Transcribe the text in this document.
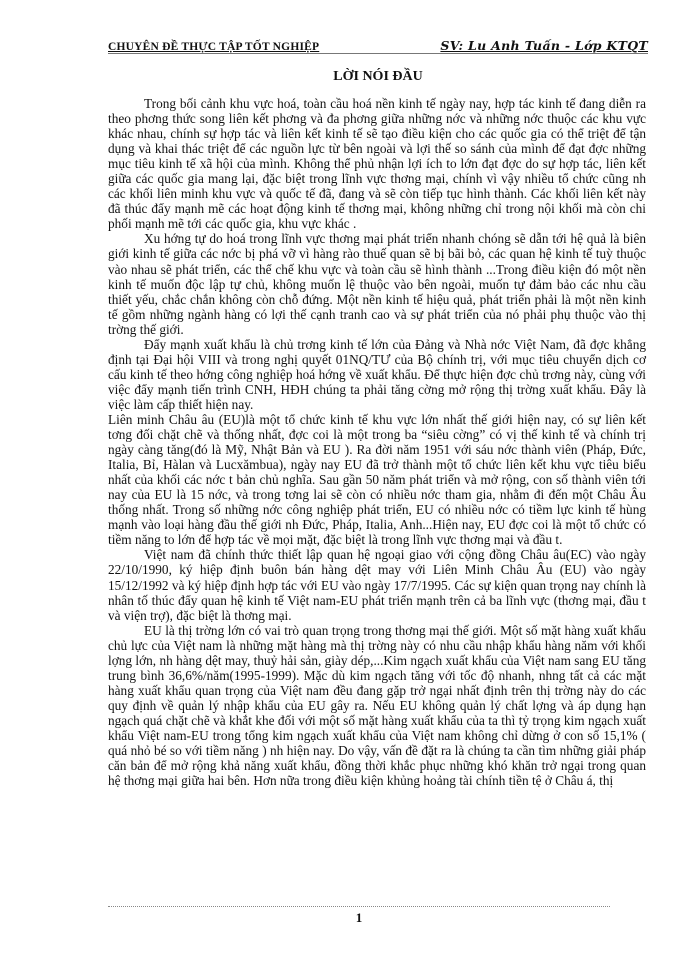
CHUYÊN ĐỀ THỰC TẬP TỐT NGHIỆP	SV: Lu Anh Tuấn - Lớp KTQT
LỜI NÓI ĐẦU

Trong bối cảnh khu vực hoá, toàn cầu hoá nền kinh tế ngày nay, hợp tác kinh tế đang diễn ra theo phơng thức song liên kết phơng và đa phơng giữa những nớc và những nớc thuộc các khu vực khác nhau, chính sự hợp tác và liên kết kinh tế sẽ tạo điều kiện cho các quốc gia có thể triệt để tận dụng và khai thác triệt để các nguồn lực từ bên ngoài và lợi thế so sánh của mình để đạt đợc những mục tiêu kinh tế xã hội của mình. Không thể phủ nhận lợi ích to lớn đạt đợc do sự hợp tác, liên kết giữa các quốc gia mang lại, đặc biệt trong lĩnh vực thơng mại, chính vì vậy nhiều tổ chức cũng nh các khối liên minh khu vực và quốc tế đã, đang và sẽ còn tiếp tục hình thành. Các khối liên kết này đã thúc đẩy mạnh mẽ các hoạt động kinh tế thơng mại, không những chỉ trong nội khối mà còn chi phối mạnh mẽ tới các quốc gia, khu vực khác .

Xu hớng tự do hoá trong lĩnh vực thơng mại phát triển nhanh chóng sẽ dẫn tới hệ quả là biên giới kinh tế giữa các nớc bị phá vỡ vì hàng rào thuế quan sẽ bị bãi bỏ, các quan hệ kinh tế tuỳ thuộc vào nhau sẽ phát triển, các thể chế khu vực và toàn cầu sẽ hình thành ...Trong điều kiện đó một nền kinh tế muốn độc lập tự chủ, không muốn lệ thuộc vào bên ngoài, muốn tự đảm bảo các nhu cầu thiết yếu, chắc chắn không còn chỗ đứng. Một nền kinh tế hiệu quả, phát triển phải là một nền kinh tế gồm những ngành hàng có lợi thế cạnh tranh cao và sự phát triển của nó phải phụ thuộc vào thị trờng thế giới.

Đẩy mạnh xuất khẩu là chủ trơng kinh tế lớn của Đảng và Nhà nớc Việt Nam, đã đợc khẳng định tại Đại hội VIII và trong nghị quyết 01NQ/TƯ của Bộ chính trị, với mục tiêu chuyển dịch cơ cấu kinh tế theo hớng công nghiệp hoá hớng về xuất khẩu. Để thực hiện đợc chủ trơng này, cùng với việc đẩy mạnh tiến trình CNH, HĐH chúng ta phải tăng cờng mở rộng thị trờng xuất khẩu. Đây là việc làm cấp thiết hiện nay.

Liên minh Châu âu (EU)là một tổ chức kinh tế khu vực lớn nhất thế giới hiện nay, có sự liên kết tơng đối chặt chẽ và thống nhất, đợc coi là một trong ba “siêu cờng” có vị thế kinh tế và chính trị ngày càng tăng(đó là Mỹ, Nhật Bản và EU ). Ra đời năm 1951 với sáu nớc thành viên (Pháp, Đức, Italia, Bỉ, Hàlan và Lucxămbua), ngày nay EU đã trở thành một tổ chức liên kết khu vực tiêu biểu nhất của khối các nớc t bản chủ nghĩa. Sau gần 50 năm phát triển và mở rộng, con số thành viên tới nay của EU là 15 nớc, và trong tơng lai sẽ còn có nhiều nớc tham gia, nhằm đi đến một Châu Âu thống nhất. Trong số những nớc công nghiệp phát triển, EU có nhiều nớc có tiềm lực kinh tế hùng mạnh vào loại hàng đầu thế giới nh Đức, Pháp, Italia, Anh...Hiện nay, EU đợc coi là một tổ chức có tiềm năng to lớn để hợp tác về mọi mặt, đặc biệt là trong lĩnh vực thơng mại và đầu t.

Việt nam đã chính thức thiết lập quan hệ ngoại giao với cộng đồng Châu âu(EC) vào ngày 22/10/1990, ký hiệp định buôn bán hàng dệt may với Liên Minh Châu Âu (EU) vào ngày 15/12/1992 và ký hiệp định hợp tác với EU vào ngày 17/7/1995. Các sự kiện quan trọng nay chính là nhân tố thúc đẩy quan hệ kinh tế Việt nam-EU phát triển mạnh trên cả ba lĩnh vực (thơng mại, đầu t và viện trợ), đặc biệt là thơng mại.

EU là thị trờng lớn có vai trò quan trọng trong thơng mại thế giới. Một số mặt hàng xuất khẩu chủ lực của Việt nam là những mặt hàng mà thị trờng này có nhu cầu nhập khẩu hàng năm với khối lợng lớn, nh hàng dệt may, thuỷ hải sản, giày dép,...Kim ngạch xuất khẩu của Việt nam sang EU tăng trung bình 36,6%/năm(1995-1999). Mặc dù kim ngạch tăng với tốc độ nhanh, nhng tất cả các mặt hàng xuất khẩu quan trọng của Việt nam đều đang gặp trở ngại nhất định trên thị trờng này do các quy định về quản lý nhập khẩu của EU gây ra. Nếu EU không quản lý chất lợng và áp dụng hạn ngạch quá chặt chẽ và khắt khe đối với một số mặt hàng xuất khẩu của ta thì tỷ trọng kim ngạch xuất khẩu Việt nam-EU trong tổng kim ngạch xuất khẩu của Việt nam không chỉ dừng ở con số 15,1% ( quá nhỏ bé so với tiềm năng ) nh hiện nay. Do vậy, vấn đề đặt ra là chúng ta cần tìm những giải pháp căn bản để mở rộng khả năng xuất khẩu, đồng thời khắc phục những khó khăn trở ngại trong quan hệ thơng mại giữa hai bên. Hơn nữa trong điều kiện khủng hoảng tài chính tiền tệ ở Châu á, thị

1
